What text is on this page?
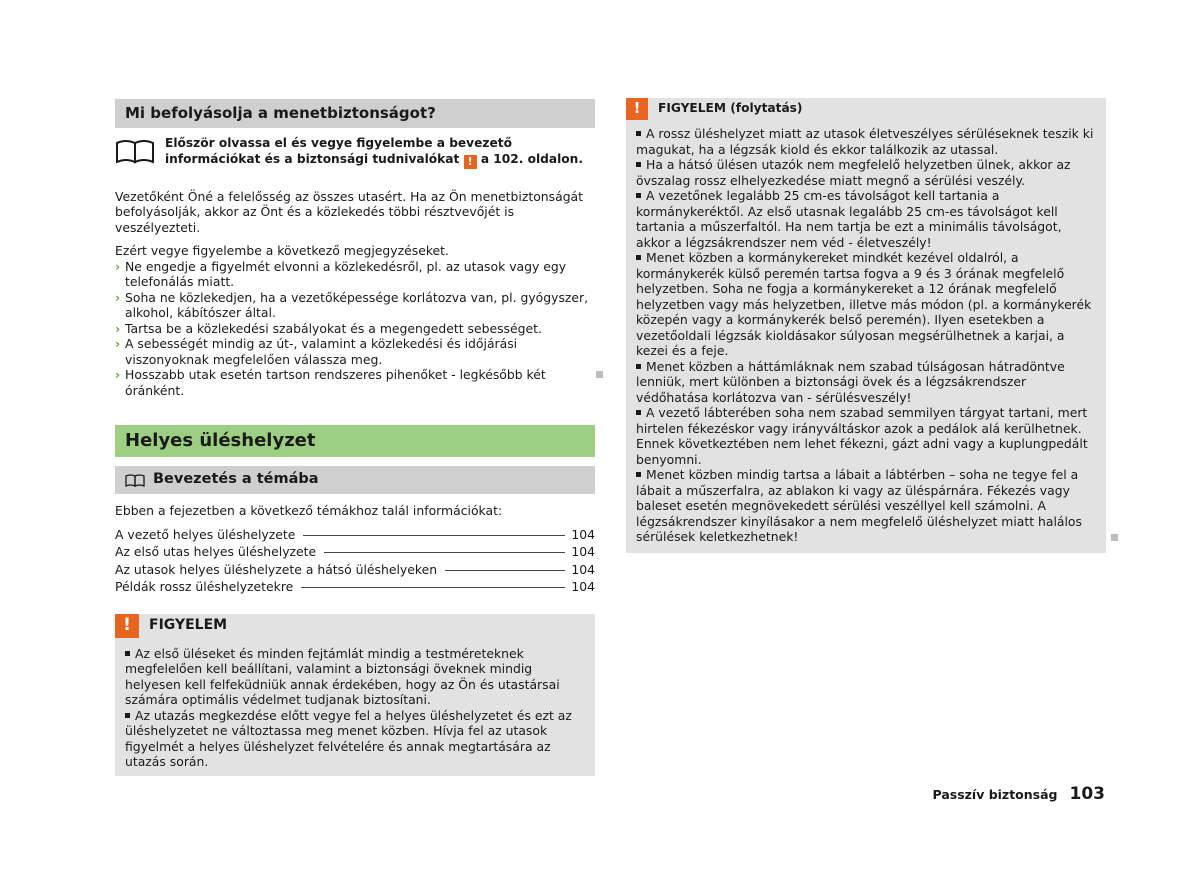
Mi befolyásolja a menetbiztonságot?
Először olvassa el és vegye figyelembe a bevezető információkat és a biztonsági tudnivalókat ! a 102. oldalon.

Vezetőként Öné a felelősség az összes utasért. Ha az Ön menetbiztonságát befolyásolják, akkor az Önt és a közlekedés többi résztvevőjét is veszélyezteti.

Ezért vegye figyelembe a következő megjegyzéseket.

› Ne engedje a figyelmét elvonni a közlekedésről, pl. az utasok vagy egy telefonálás miatt.
› Soha ne közlekedjen, ha a vezetőképessége korlátozva van, pl. gyógyszer, alkohol, kábítószer által.
› Tartsa be a közlekedési szabályokat és a megengedett sebességet.
› A sebességét mindig az út-, valamint a közlekedési és időjárási viszonyoknak megfelelően válassza meg.
› Hosszabb utak esetén tartson rendszeres pihenőket - legkésőbb két óránként.
Helyes üléshelyzet
Bevezetés a témába

Ebben a fejezetben a következő témákhoz talál információkat:

A vezető helyes üléshelyzete	104
Az első utas helyes üléshelyzete	104
Az utasok helyes üléshelyzete a hátsó üléshelyeken	104
Példák rossz üléshelyzetekre	104
!	FIGYELEM

Az első üléseket és minden fejtámlát mindig a testméreteknek megfelelően kell beállítani, valamint a biztonsági öveknek mindig helyesen kell felfeküdniük annak érdekében, hogy az Ön és utastársai számára optimális védelmet tudjanak biztosítani.

Az utazás megkezdése előtt vegye fel a helyes üléshelyzetet és ezt az üléshelyzetet ne változtassa meg menet közben. Hívja fel az utasok figyelmét a helyes üléshelyzet felvételére és annak megtartására az utazás során.

!	FIGYELEM (folytatás)

A rossz üléshelyzet miatt az utasok életveszélyes sérüléseknek teszik ki magukat, ha a légzsák kiold és ekkor találkozik az utassal.

Ha a hátsó ülésen utazók nem megfelelő helyzetben ülnek, akkor az övszalag rossz elhelyezkedése miatt megnő a sérülési veszély.

A vezetőnek legalább 25 cm-es távolságot kell tartania a kormánykeréktől. Az első utasnak legalább 25 cm-es távolságot kell tartania a műszerfaltól. Ha nem tartja be ezt a minimális távolságot, akkor a légzsákrendszer nem véd - életveszély!

Menet közben a kormánykereket mindkét kezével oldalról, a kormánykerék külső peremén tartsa fogva a 9 és 3 órának megfelelő helyzetben. Soha ne fogja a kormánykereket a 12 órának megfelelő helyzetben vagy más helyzetben, illetve más módon (pl. a kormánykerék közepén vagy a kormánykerék belső peremén). Ilyen esetekben a vezetőoldali légzsák kioldásakor súlyosan megsérülhetnek a karjai, a kezei és a feje.

Menet közben a háttámláknak nem szabad túlságosan hátradöntve lenniük, mert különben a biztonsági övek és a légzsákrendszer védőhatása korlátozva van - sérülésveszély!

A vezető lábterében soha nem szabad semmilyen tárgyat tartani, mert hirtelen fékezéskor vagy irányváltáskor azok a pedálok alá kerülhetnek. Ennek következtében nem lehet fékezni, gázt adni vagy a kuplungpedált benyomni.

Menet közben mindig tartsa a lábait a lábtérben – soha ne tegye fel a lábait a műszerfalra, az ablakon ki vagy az üléspárnára. Fékezés vagy baleset esetén megnövekedett sérülési veszéllyel kell számolni. A légzsákrendszer kinyílásakor a nem megfelelő üléshelyzet miatt halálos sérülések keletkezhetnek!

Passzív biztonság 103
